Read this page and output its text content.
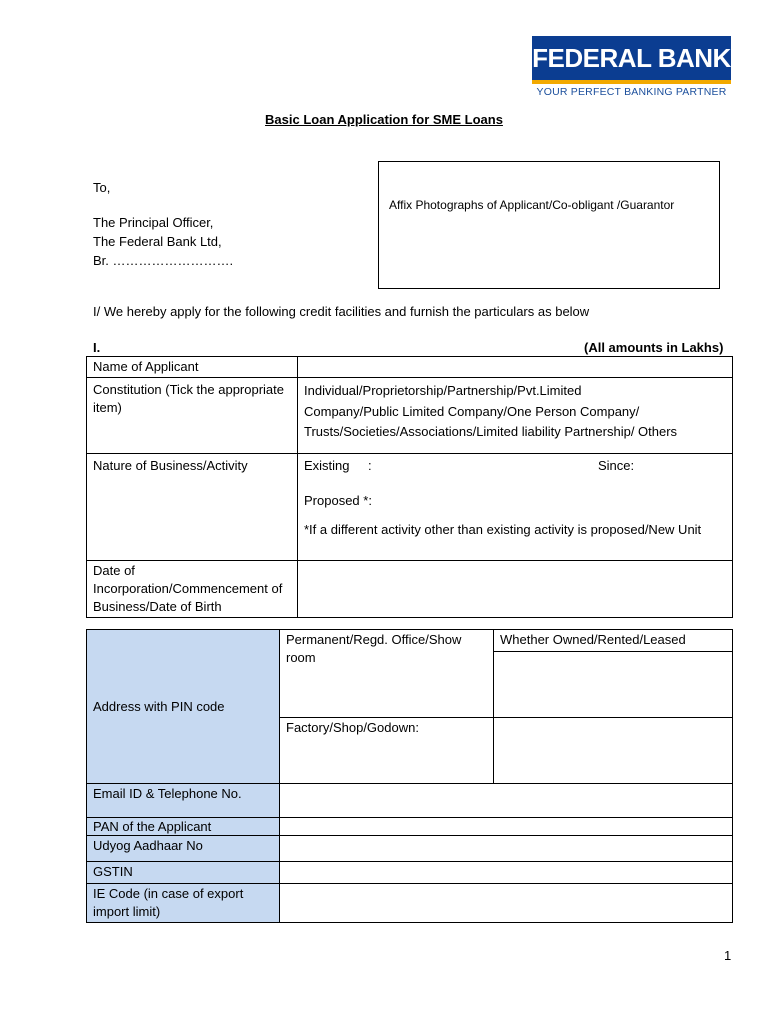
FEDERAL BANK
YOUR PERFECT BANKING PARTNER
Basic Loan Application for SME Loans
To,
The Principal Officer,
The Federal Bank Ltd,
Br. ……………………….
Affix Photographs of Applicant/Co-obligant /Guarantor
I/ We hereby apply for the following credit facilities and furnish the particulars as below
I.	(All amounts in Lakhs)
Name of Applicant	
Constitution (Tick the appropriate item)	Individual/Proprietorship/Partnership/Pvt.Limited
Company/Public Limited Company/One Person Company/
Trusts/Societies/Associations/Limited liability Partnership/ Others

Nature of Business/Activity	Existing : Since:
Proposed *:
*If a different activity other than existing activity is proposed/New Unit

Date of Incorporation/Commencement of Business/Date of Birth	
Address with PIN code	Permanent/Regd. Office/Show room	Whether Owned/Rented/Leased

	Factory/Shop/Godown:	

Email ID & Telephone No.		
PAN of the Applicant		
Udyog Aadhaar No		
GSTIN		
IE Code (in case of export import limit)		
1
